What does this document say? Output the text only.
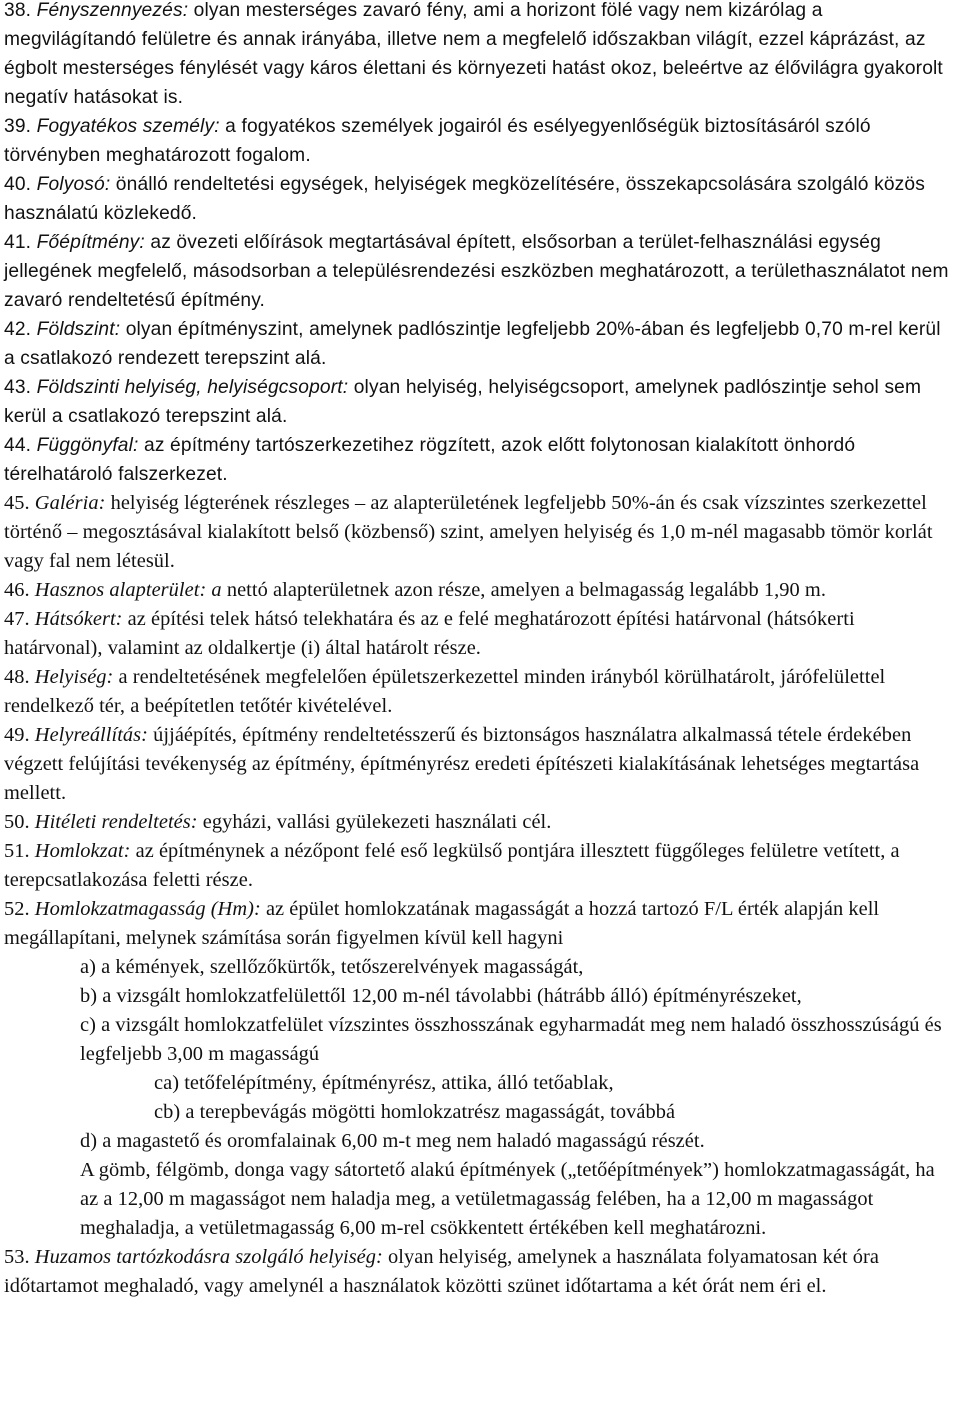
38. Fényszennyezés: olyan mesterséges zavaró fény, ami a horizont fölé vagy nem kizárólag a megvilágítandó felületre és annak irányába, illetve nem a megfelelő időszakban világít, ezzel káprázást, az égbolt mesterséges fénylését vagy káros élettani és környezeti hatást okoz, beleértve az élővilágra gyakorolt negatív hatásokat is.

39. Fogyatékos személy: a fogyatékos személyek jogairól és esélyegyenlőségük biztosításáról szóló törvényben meghatározott fogalom.

40. Folyosó: önálló rendeltetési egységek, helyiségek megközelítésére, összekapcsolására szolgáló közös használatú közlekedő.

41. Főépítmény: az övezeti előírások megtartásával épített, elsősorban a terület-felhasználási egység jellegének megfelelő, másodsorban a településrendezési eszközben meghatározott, a területhasználatot nem zavaró rendeltetésű építmény.

42. Földszint: olyan építményszint, amelynek padlószintje legfeljebb 20%-ában és legfeljebb 0,70 m-rel kerül a csatlakozó rendezett terepszint alá.

43. Földszinti helyiség, helyiségcsoport: olyan helyiség, helyiségcsoport, amelynek padlószintje sehol sem kerül a csatlakozó terepszint alá.

44. Függönyfal: az építmény tartószerkezetihez rögzített, azok előtt folytonosan kialakított önhordó térelhatároló falszerkezet.

45. Galéria: helyiség légterének részleges – az alapterületének legfeljebb 50%-án és csak vízszintes szerkezettel történő – megosztásával kialakított belső (közbenső) szint, amelyen helyiség és 1,0 m-nél magasabb tömör korlát vagy fal nem létesül.

46. Hasznos alapterület: a nettó alapterületnek azon része, amelyen a belmagasság legalább 1,90 m.

47. Hátsókert: az építési telek hátsó telekhatára és az e felé meghatározott építési határvonal (hátsókerti határvonal), valamint az oldalkertje (i) által határolt része.

48. Helyiség: a rendeltetésének megfelelően épületszerkezettel minden irányból körülhatárolt, járófelülettel rendelkező tér, a beépítetlen tetőtér kivételével.

49. Helyreállítás: újjáépítés, építmény rendeltetésszerű és biztonságos használatra alkalmassá tétele érdekében végzett felújítási tevékenység az építmény, építményrész eredeti építészeti kialakításának lehetséges megtartása mellett.

50. Hitéleti rendeltetés: egyházi, vallási gyülekezeti használati cél.

51. Homlokzat: az építménynek a nézőpont felé eső legkülső pontjára illesztett függőleges felületre vetített, a terepcsatlakozása feletti része.

52. Homlokzatmagasság (Hm): az épület homlokzatának magasságát a hozzá tartozó F/L érték alapján kell megállapítani, melynek számítása során figyelmen kívül kell hagyni

a) a kémények, szellőzőkürtők, tetőszerelvények magasságát,

b) a vizsgált homlokzatfelülettől 12,00 m-nél távolabbi (hátrább álló) építményrészeket,

c) a vizsgált homlokzatfelület vízszintes összhosszának egyharmadát meg nem haladó összhosszúságú és legfeljebb 3,00 m magasságú

ca) tetőfelépítmény, építményrész, attika, álló tetőablak,

cb) a terepbevágás mögötti homlokzatrész magasságát, továbbá

d) a magastető és oromfalainak 6,00 m-t meg nem haladó magasságú részét.

A gömb, félgömb, donga vagy sátortető alakú építmények („tetőépítmények”) homlokzatmagasságát, ha az a 12,00 m magasságot nem haladja meg, a vetületmagasság felében, ha a 12,00 m magasságot meghaladja, a vetületmagasság 6,00 m-rel csökkentett értékében kell meghatározni.

53. Huzamos tartózkodásra szolgáló helyiség: olyan helyiség, amelynek a használata folyamatosan két óra időtartamot meghaladó, vagy amelynél a használatok közötti szünet időtartama a két órát nem éri el.
